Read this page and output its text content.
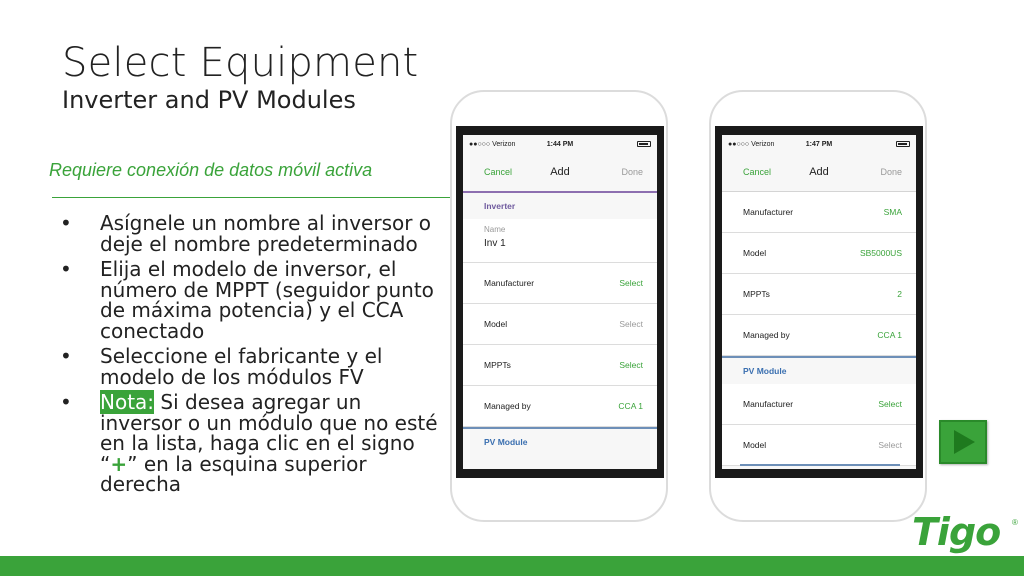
Select Equipment
Inverter and PV Modules
Requiere conexión de datos móvil activa
• Asígnele un nombre al inversor o deje el nombre predeterminado
• Elija el modelo de inversor, el número de MPPT (seguidor punto de máxima potencia) y el CCA conectado
• Seleccione el fabricante y el modelo de los módulos FV
• Nota: Si desea agregar un inversor o un módulo que no esté en la lista, haga clic en el signo “+” en la esquina superior derecha
●●○○○ Verizon	1:44 PM
Cancel	Add	Done
Inverter
Name
Inv 1
Manufacturer	Select
Model	Select
MPPTs	Select
Managed by	CCA 1
PV Module
●●○○○ Verizon	1:47 PM
Cancel	Add	Done
Manufacturer	SMA
Model	SB5000US
MPPTs	2
Managed by	CCA 1
PV Module
Manufacturer	Select
Model	Select
Tigo ®
